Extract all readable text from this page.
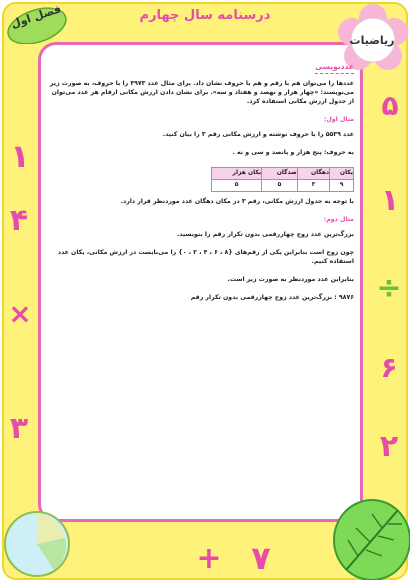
فصل اول	درسنامه سال چهارم
ریاضیات
۵
۱
÷
۶
۲
۱
۴
×
۳
+ ۷
عددنویسی

عددها را می‌توان هم با رقم و هم با حروف نشان داد. برای مثال عدد ۴۹۷۳ را با حروف، به صورت زیر می‌نویسند: «چهار هزار و نهصد و هفتاد و سه». برای نشان دادن ارزش مکانی ارقام هر عدد می‌توان از جدول ارزش مکانی استفاده کرد.

مثال اول:

عدد ۵۵۳۹ را با حروف نوشته و ارزش مکانی رقم ۳ را بیان کنید.

به حروف: پنج هزار و پانصد و سی و نه .

یکان	دهگان	صدگان	یکان هزار
۹	۳	۵	۵

با توجه به جدول ارزش مکانی، رقم ۳ در مکان دهگان عدد موردنظر قرار دارد.

مثال دوم:

بزرگ‌ترین عدد زوج چهاررقمی بدون تکرار رقم را بنویسید.

چون زوج است بنابراین یکی از رقم‌های {۸ ، ۶ ، ۴ ، ۲ ، ۰} را می‌بایست در ارزش مکانی، یکان عدد استفاده کنیم.

بنابراین عدد موردنظر به صورت زیر است.

۹۸۷۶ : بزرگ‌ترین عدد زوج چهاررقمی بدون تکرار رقم
